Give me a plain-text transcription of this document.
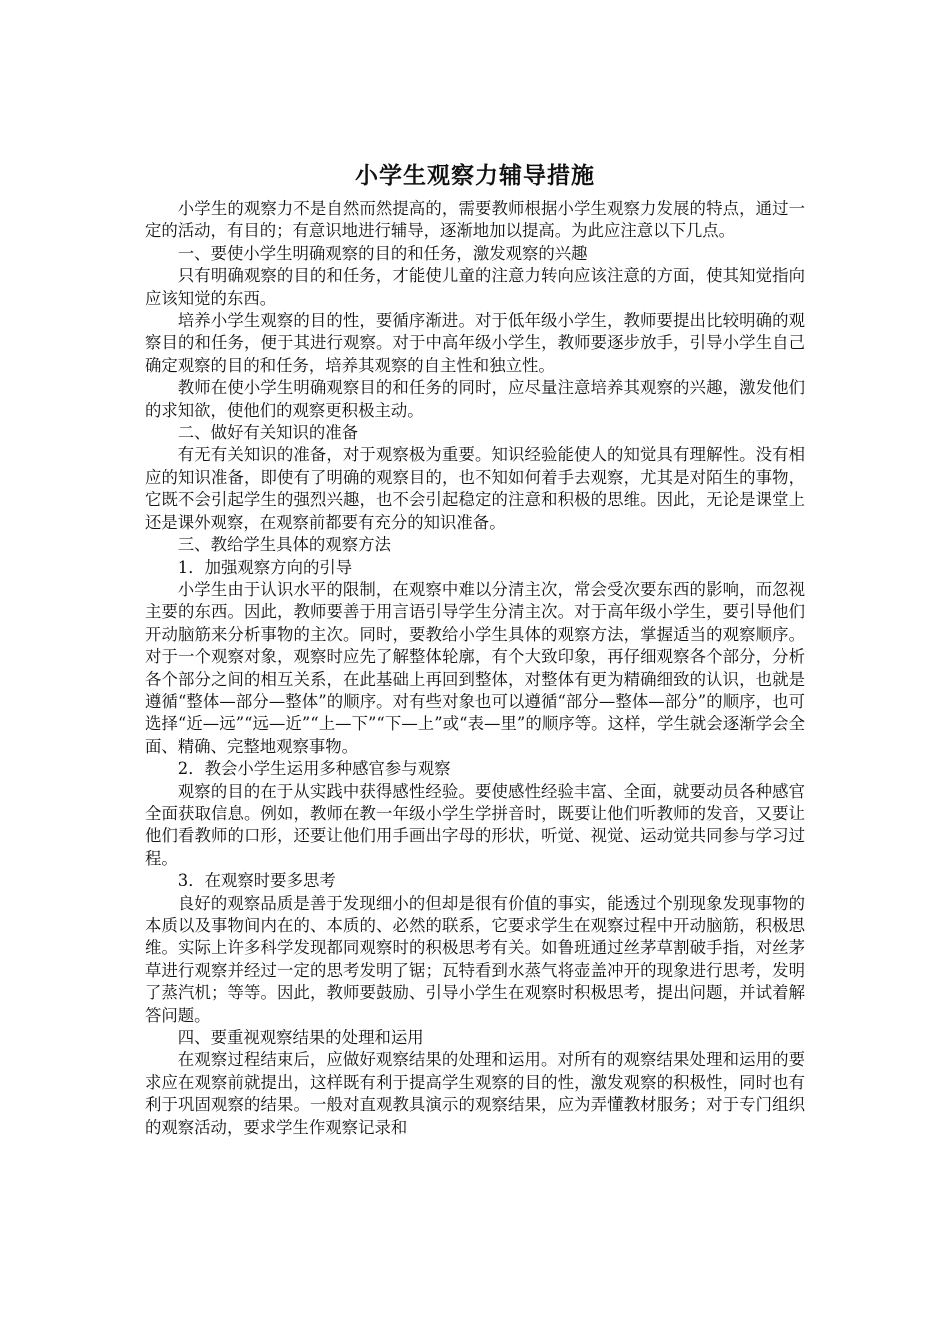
小学生观察力辅导措施

小学生的观察力不是自然而然提高的，需要教师根据小学生观察力发展的特点，通过一定的活动，有目的；有意识地进行辅导，逐渐地加以提高。为此应注意以下几点。

一、要使小学生明确观察的目的和任务，激发观察的兴趣

只有明确观察的目的和任务，才能使儿童的注意力转向应该注意的方面，使其知觉指向应该知觉的东西。

培养小学生观察的目的性，要循序渐进。对于低年级小学生，教师要提出比较明确的观察目的和任务，便于其进行观察。对于中高年级小学生，教师要逐步放手，引导小学生自己确定观察的目的和任务，培养其观察的自主性和独立性。

教师在使小学生明确观察目的和任务的同时，应尽量注意培养其观察的兴趣，激发他们的求知欲，使他们的观察更积极主动。

二、做好有关知识的准备

有无有关知识的准备，对于观察极为重要。知识经验能使人的知觉具有理解性。没有相应的知识准备，即使有了明确的观察目的，也不知如何着手去观察，尤其是对陌生的事物，它既不会引起学生的强烈兴趣，也不会引起稳定的注意和积极的思维。因此，无论是课堂上还是课外观察，在观察前都要有充分的知识准备。

三、教给学生具体的观察方法

1．加强观察方向的引导

小学生由于认识水平的限制，在观察中难以分清主次，常会受次要东西的影响，而忽视主要的东西。因此，教师要善于用言语引导学生分清主次。对于高年级小学生，要引导他们开动脑筋来分析事物的主次。同时，要教给小学生具体的观察方法，掌握适当的观察顺序。对于一个观察对象，观察时应先了解整体轮廓，有个大致印象，再仔细观察各个部分，分析各个部分之间的相互关系，在此基础上再回到整体，对整体有更为精确细致的认识，也就是遵循“整体—部分—整体”的顺序。对有些对象也可以遵循“部分—整体—部分”的顺序，也可选择“近—远”“远—近”“上—下”“下—上”或“表—里”的顺序等。这样，学生就会逐渐学会全面、精确、完整地观察事物。

2．教会小学生运用多种感官参与观察

观察的目的在于从实践中获得感性经验。要使感性经验丰富、全面，就要动员各种感官全面获取信息。例如，教师在教一年级小学生学拼音时，既要让他们听教师的发音，又要让他们看教师的口形，还要让他们用手画出字母的形状，听觉、视觉、运动觉共同参与学习过程。

3．在观察时要多思考

良好的观察品质是善于发现细小的但却是很有价值的事实，能透过个别现象发现事物的本质以及事物间内在的、本质的、必然的联系，它要求学生在观察过程中开动脑筋，积极思维。实际上许多科学发现都同观察时的积极思考有关。如鲁班通过丝茅草割破手指，对丝茅草进行观察并经过一定的思考发明了锯；瓦特看到水蒸气将壶盖冲开的现象进行思考，发明了蒸汽机；等等。因此，教师要鼓励、引导小学生在观察时积极思考，提出问题，并试着解答问题。

四、要重视观察结果的处理和运用

在观察过程结束后，应做好观察结果的处理和运用。对所有的观察结果处理和运用的要求应在观察前就提出，这样既有利于提高学生观察的目的性，激发观察的积极性，同时也有利于巩固观察的结果。一般对直观教具演示的观察结果，应为弄懂教材服务；对于专门组织的观察活动，要求学生作观察记录和
